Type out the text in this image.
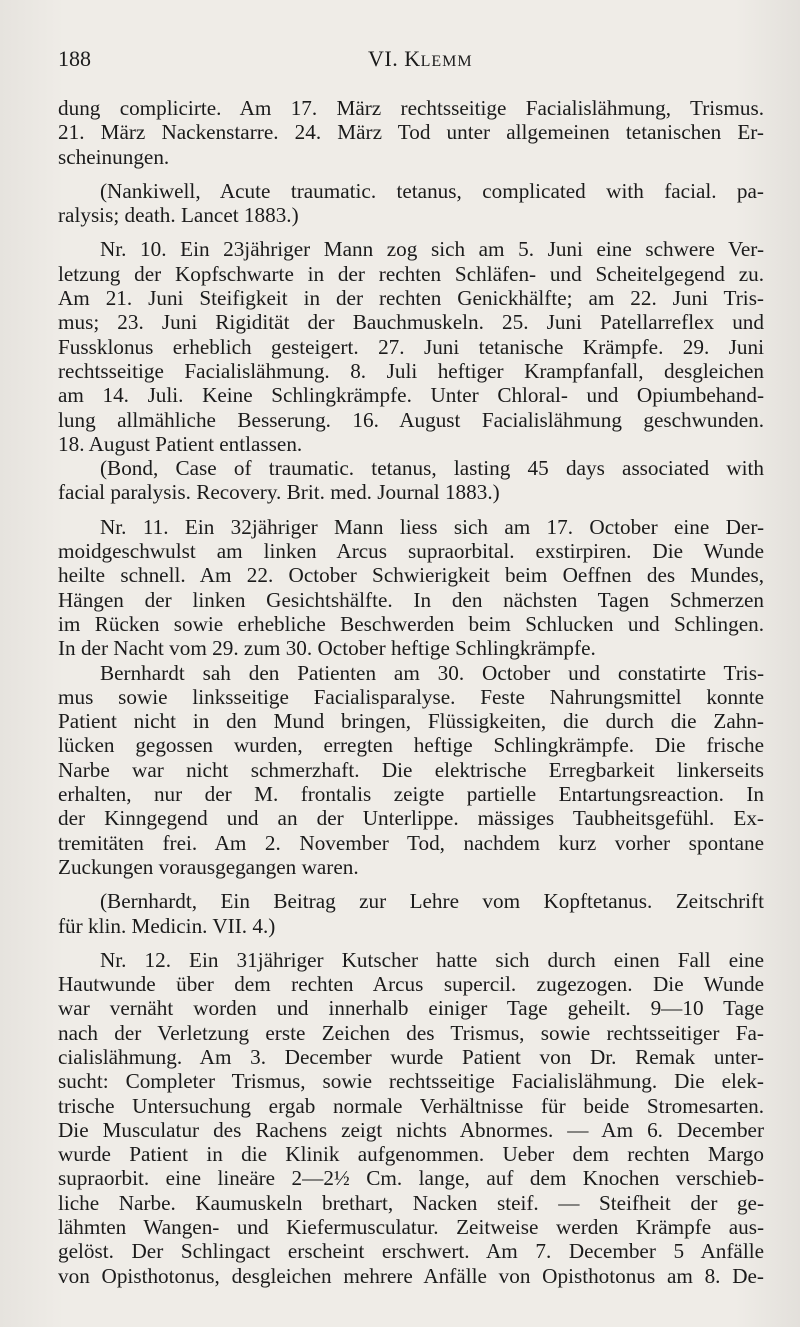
188	VI. KLEMM
dung complicirte. Am 17. März rechtsseitige Facialislähmung, Trismus.
21. März Nackenstarre. 24. März Tod unter allgemeinen tetanischen Er-
scheinungen.
(Nankiwell, Acute traumatic. tetanus, complicated with facial. pa-
ralysis; death. Lancet 1883.)
Nr. 10. Ein 23jähriger Mann zog sich am 5. Juni eine schwere Ver-
letzung der Kopfschwarte in der rechten Schläfen- und Scheitelgegend zu.
Am 21. Juni Steifigkeit in der rechten Genickhälfte; am 22. Juni Tris-
mus; 23. Juni Rigidität der Bauchmuskeln. 25. Juni Patellarreflex und
Fussklonus erheblich gesteigert. 27. Juni tetanische Krämpfe. 29. Juni
rechtsseitige Facialislähmung. 8. Juli heftiger Krampfanfall, desgleichen
am 14. Juli. Keine Schlingkrämpfe. Unter Chloral- und Opiumbehand-
lung allmähliche Besserung. 16. August Facialislähmung geschwunden.
18. August Patient entlassen.
(Bond, Case of traumatic. tetanus, lasting 45 days associated with
facial paralysis. Recovery. Brit. med. Journal 1883.)
Nr. 11. Ein 32jähriger Mann liess sich am 17. October eine Der-
moidgeschwulst am linken Arcus supraorbital. exstirpiren. Die Wunde
heilte schnell. Am 22. October Schwierigkeit beim Oeffnen des Mundes,
Hängen der linken Gesichtshälfte. In den nächsten Tagen Schmerzen
im Rücken sowie erhebliche Beschwerden beim Schlucken und Schlingen.
In der Nacht vom 29. zum 30. October heftige Schlingkrämpfe.
Bernhardt sah den Patienten am 30. October und constatirte Tris-
mus sowie linksseitige Facialisparalyse. Feste Nahrungsmittel konnte
Patient nicht in den Mund bringen, Flüssigkeiten, die durch die Zahn-
lücken gegossen wurden, erregten heftige Schlingkrämpfe. Die frische
Narbe war nicht schmerzhaft. Die elektrische Erregbarkeit linkerseits
erhalten, nur der M. frontalis zeigte partielle Entartungsreaction. In
der Kinngegend und an der Unterlippe. mässiges Taubheitsgefühl. Ex-
tremitäten frei. Am 2. November Tod, nachdem kurz vorher spontane
Zuckungen vorausgegangen waren.
(Bernhardt, Ein Beitrag zur Lehre vom Kopftetanus. Zeitschrift
für klin. Medicin. VII. 4.)
Nr. 12. Ein 31jähriger Kutscher hatte sich durch einen Fall eine
Hautwunde über dem rechten Arcus supercil. zugezogen. Die Wunde
war vernäht worden und innerhalb einiger Tage geheilt. 9—10 Tage
nach der Verletzung erste Zeichen des Trismus, sowie rechtsseitiger Fa-
cialislähmung. Am 3. December wurde Patient von Dr. Remak unter-
sucht: Completer Trismus, sowie rechtsseitige Facialislähmung. Die elek-
trische Untersuchung ergab normale Verhältnisse für beide Stromesarten.
Die Musculatur des Rachens zeigt nichts Abnormes. — Am 6. December
wurde Patient in die Klinik aufgenommen. Ueber dem rechten Margo
supraorbit. eine lineäre 2—2½ Cm. lange, auf dem Knochen verschieb-
liche Narbe. Kaumuskeln brethart, Nacken steif. — Steifheit der ge-
lähmten Wangen- und Kiefermusculatur. Zeitweise werden Krämpfe aus-
gelöst. Der Schlingact erscheint erschwert. Am 7. December 5 Anfälle
von Opisthotonus, desgleichen mehrere Anfälle von Opisthotonus am 8. De-
